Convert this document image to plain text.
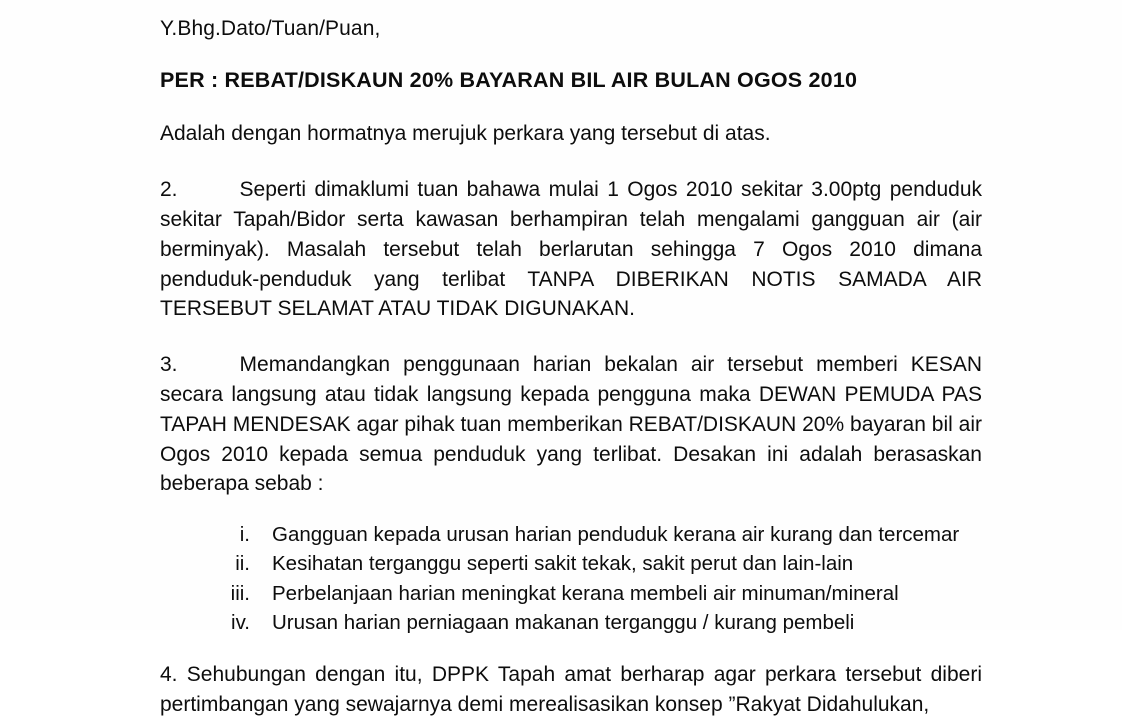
Y.Bhg.Dato/Tuan/Puan,

PER : REBAT/DISKAUN 20% BAYARAN BIL AIR BULAN OGOS 2010

Adalah dengan hormatnya merujuk perkara yang tersebut di atas.

2.	Seperti dimaklumi tuan bahawa mulai 1 Ogos 2010 sekitar 3.00ptg penduduk sekitar Tapah/Bidor serta kawasan berhampiran telah mengalami gangguan air (air berminyak). Masalah tersebut telah berlarutan sehingga 7 Ogos 2010 dimana penduduk-penduduk yang terlibat TANPA DIBERIKAN NOTIS SAMADA AIR TERSEBUT SELAMAT ATAU TIDAK DIGUNAKAN.

3.	Memandangkan penggunaan harian bekalan air tersebut memberi KESAN secara langsung atau tidak langsung kepada pengguna maka DEWAN PEMUDA PAS TAPAH MENDESAK agar pihak tuan memberikan REBAT/DISKAUN 20% bayaran bil air Ogos 2010 kepada semua penduduk yang terlibat. Desakan ini adalah berasaskan beberapa sebab :

i.	Gangguan kepada urusan harian penduduk kerana air kurang dan tercemar
ii.	Kesihatan terganggu seperti sakit tekak, sakit perut dan lain-lain
iii.	Perbelanjaan harian meningkat kerana membeli air minuman/mineral
iv.	Urusan harian perniagaan makanan terganggu / kurang pembeli

4. Sehubungan dengan itu, DPPK Tapah amat berharap agar perkara tersebut diberi pertimbangan yang sewajarnya demi merealisasikan konsep ”Rakyat Didahulukan,
